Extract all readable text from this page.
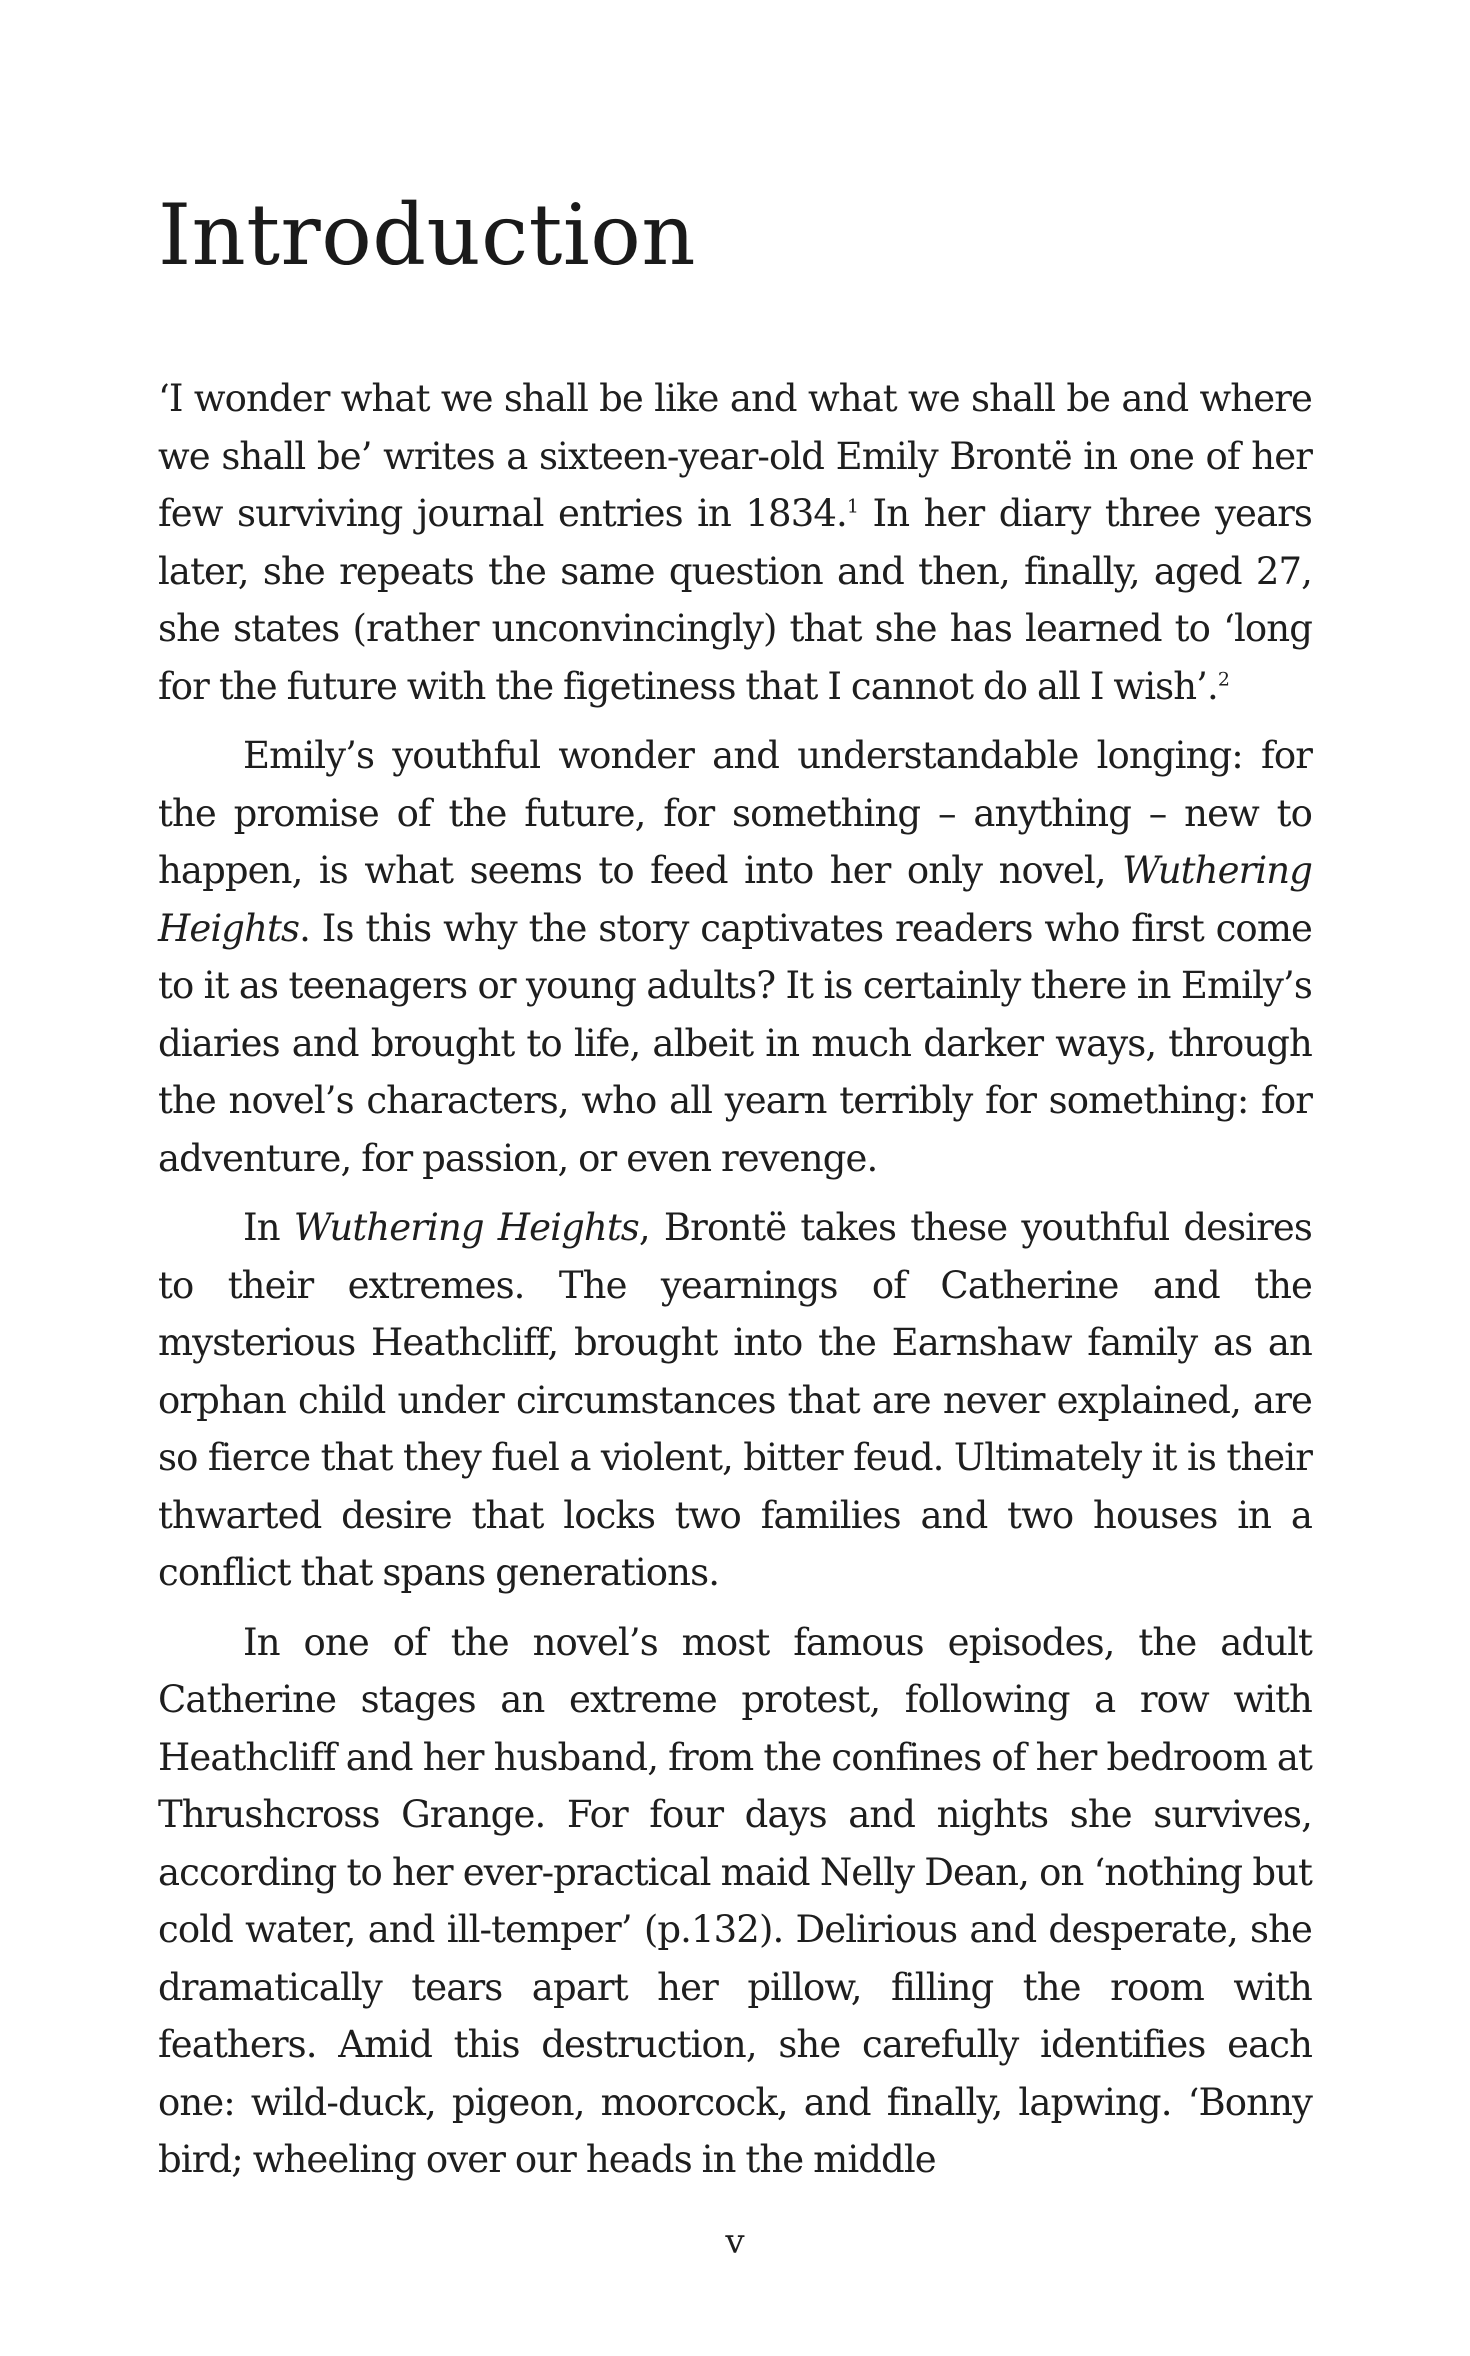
Introduction

‘I wonder what we shall be like and what we shall be and where we shall be’ writes a sixteen-year-old Emily Brontë in one of her few surviving journal entries in 1834.$^1$ In her diary three years later, she repeats the same question and then, finally, aged 27, she states (rather unconvincingly) that she has learned to ‘long for the future with the figetiness that I cannot do all I wish’.$^2$

Emily’s youthful wonder and understandable longing: for the promise of the future, for something – anything – new to happen, is what seems to feed into her only novel, Wuthering Heights. Is this why the story captivates readers who first come to it as teenagers or young adults? It is certainly there in Emily’s diaries and brought to life, albeit in much darker ways, through the novel’s characters, who all yearn terribly for something: for adventure, for passion, or even revenge.

In Wuthering Heights, Brontë takes these youthful desires to their extremes. The yearnings of Catherine and the mysterious Heathcliff, brought into the Earnshaw family as an orphan child under circumstances that are never explained, are so fierce that they fuel a violent, bitter feud. Ultimately it is their thwarted desire that locks two families and two houses in a conflict that spans generations.

In one of the novel’s most famous episodes, the adult Catherine stages an extreme protest, following a row with Heathcliff and her husband, from the confines of her bedroom at Thrushcross Grange. For four days and nights she survives, according to her ever-practical maid Nelly Dean, on ‘nothing but cold water, and ill-temper’ (p.132). Delirious and desperate, she dramatically tears apart her pillow, filling the room with feathers. Amid this destruction, she carefully identifies each one: wild-duck, pigeon, moorcock, and finally, lapwing. ‘Bonny bird; wheeling over our heads in the middle

v
